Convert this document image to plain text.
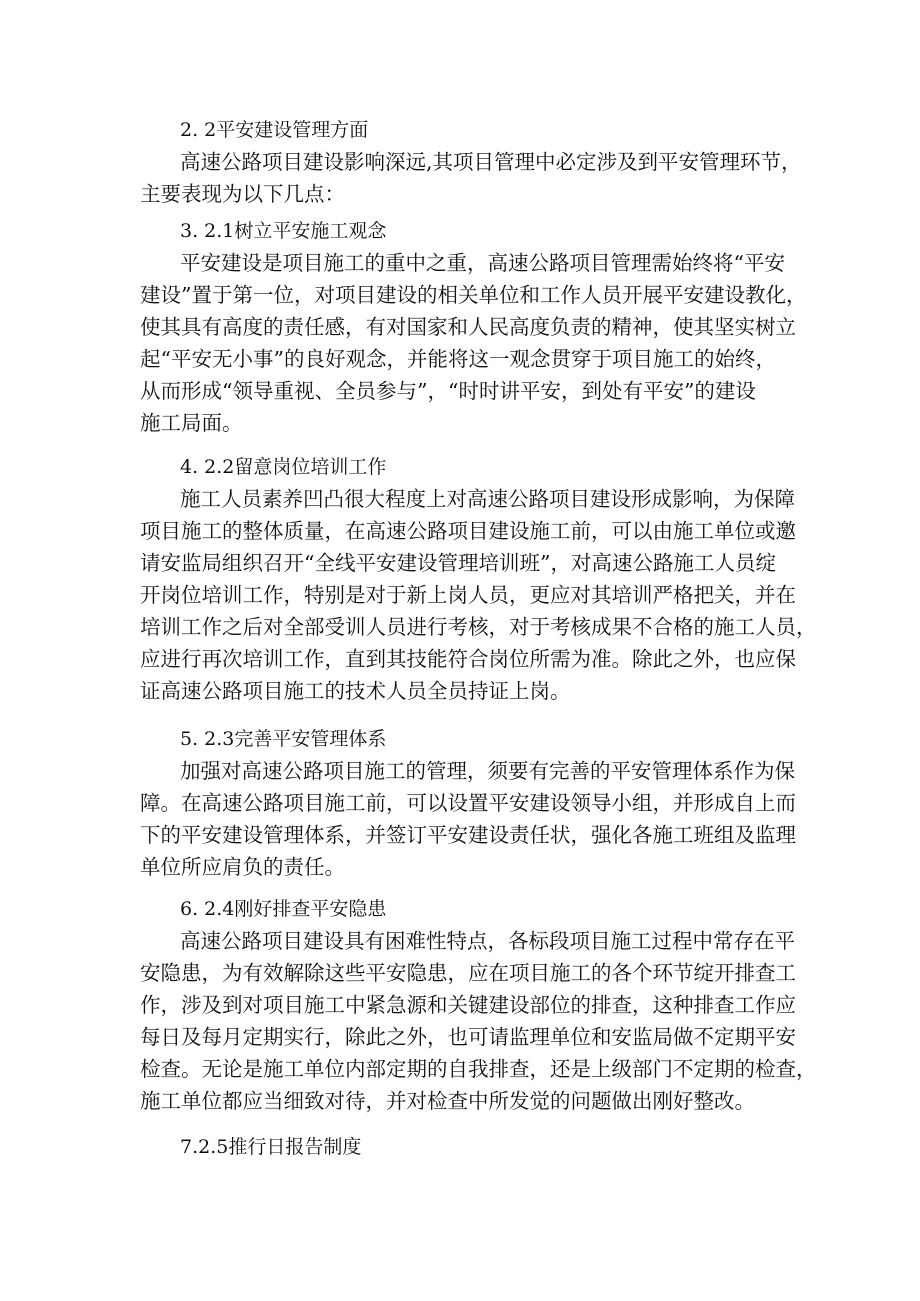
2. 2平安建设管理方面
高速公路项目建设影响深远,其项目管理中必定涉及到平安管理环节，
主要表现为以下几点：
3. 2.1树立平安施工观念
平安建设是项目施工的重中之重，高速公路项目管理需始终将“平安
建设”置于第一位，对项目建设的相关单位和工作人员开展平安建设教化，
使其具有高度的责任感，有对国家和人民高度负责的精神，使其坚实树立
起“平安无小事”的良好观念，并能将这一观念贯穿于项目施工的始终，
从而形成“领导重视、全员参与”，“时时讲平安，到处有平安”的建设
施工局面。
4. 2.2留意岗位培训工作
施工人员素养凹凸很大程度上对高速公路项目建设形成影响，为保障
项目施工的整体质量，在高速公路项目建设施工前，可以由施工单位或邀
请安监局组织召开“全线平安建设管理培训班”，对高速公路施工人员绽
开岗位培训工作，特别是对于新上岗人员，更应对其培训严格把关，并在
培训工作之后对全部受训人员进行考核，对于考核成果不合格的施工人员，
应进行再次培训工作，直到其技能符合岗位所需为准。除此之外，也应保
证高速公路项目施工的技术人员全员持证上岗。
5. 2.3完善平安管理体系
加强对高速公路项目施工的管理，须要有完善的平安管理体系作为保
障。在高速公路项目施工前，可以设置平安建设领导小组，并形成自上而
下的平安建设管理体系，并签订平安建设责任状，强化各施工班组及监理
单位所应肩负的责任。
6. 2.4刚好排查平安隐患
高速公路项目建设具有困难性特点，各标段项目施工过程中常存在平
安隐患，为有效解除这些平安隐患，应在项目施工的各个环节绽开排查工
作，涉及到对项目施工中紧急源和关键建设部位的排查，这种排查工作应
每日及每月定期实行，除此之外，也可请监理单位和安监局做不定期平安
检查。无论是施工单位内部定期的自我排查，还是上级部门不定期的检查，
施工单位都应当细致对待，并对检查中所发觉的问题做出刚好整改。
7.2.5推行日报告制度
